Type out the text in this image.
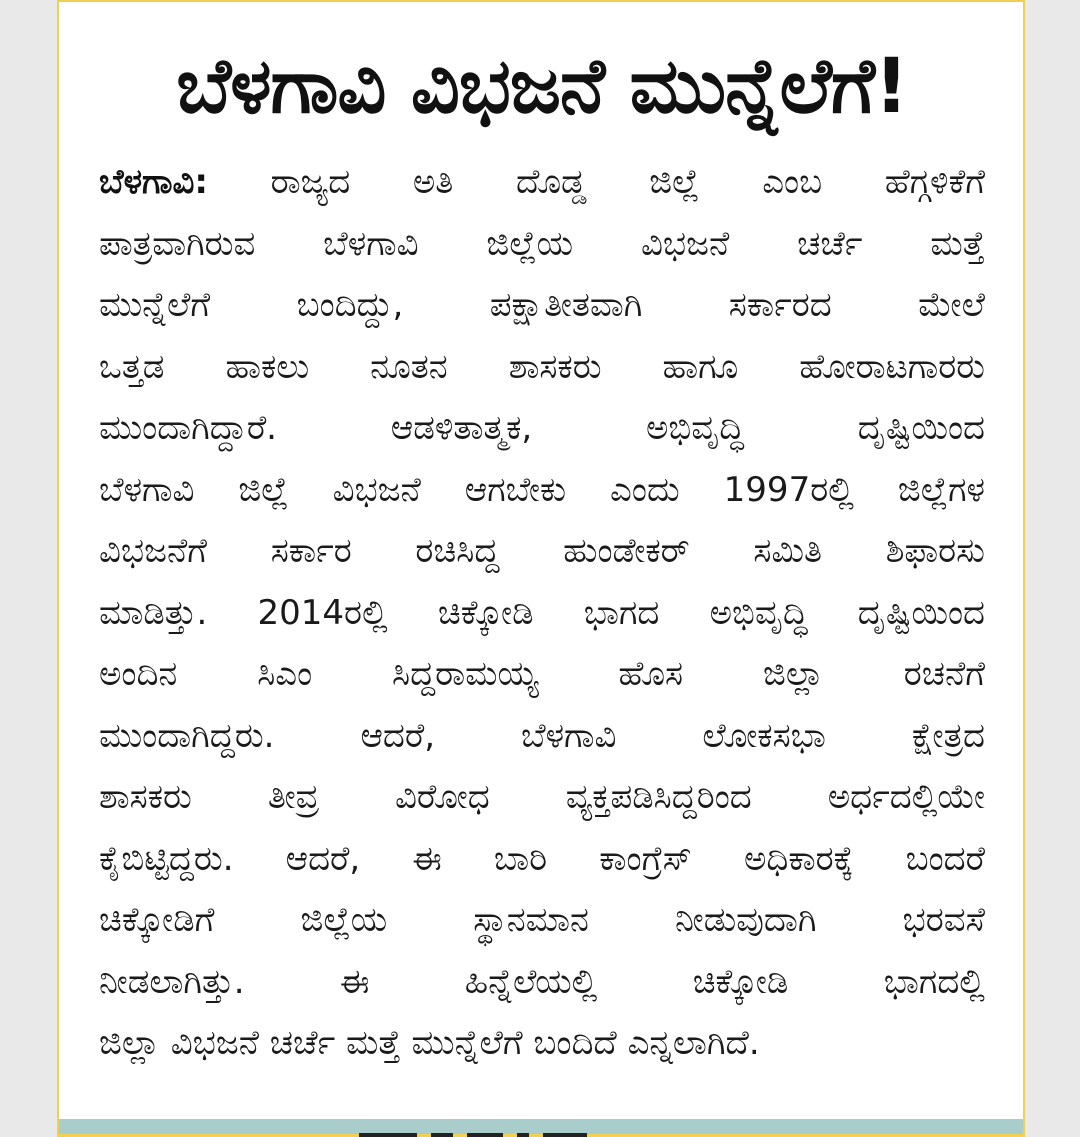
ಬೆಳಗಾವಿ ವಿಭಜನೆ ಮುನ್ನೆಲೆಗೆ!
ಬೆಳಗಾವಿ: ರಾಜ್ಯದ ಅತಿ ದೊಡ್ಡ ಜಿಲ್ಲೆ ಎಂಬ ಹೆಗ್ಗಳಿಕೆಗೆ
ಪಾತ್ರವಾಗಿರುವ ಬೆಳಗಾವಿ ಜಿಲ್ಲೆಯ ವಿಭಜನೆ ಚರ್ಚೆ ಮತ್ತೆ
ಮುನ್ನೆಲೆಗೆ ಬಂದಿದ್ದು, ಪಕ್ಷಾತೀತವಾಗಿ ಸರ್ಕಾರದ ಮೇಲೆ
ಒತ್ತಡ ಹಾಕಲು ನೂತನ ಶಾಸಕರು ಹಾಗೂ ಹೋರಾಟಗಾರರು
ಮುಂದಾಗಿದ್ದಾರೆ. ಆಡಳಿತಾತ್ಮಕ, ಅಭಿವೃದ್ಧಿ ದೃಷ್ಟಿಯಿಂದ
ಬೆಳಗಾವಿ ಜಿಲ್ಲೆ ವಿಭಜನೆ ಆಗಬೇಕು ಎಂದು 1997ರಲ್ಲಿ ಜಿಲ್ಲೆಗಳ
ವಿಭಜನೆಗೆ ಸರ್ಕಾರ ರಚಿಸಿದ್ದ ಹುಂಡೇಕರ್ ಸಮಿತಿ ಶಿಫಾರಸು
ಮಾಡಿತ್ತು. 2014ರಲ್ಲಿ ಚಿಕ್ಕೋಡಿ ಭಾಗದ ಅಭಿವೃದ್ಧಿ ದೃಷ್ಟಿಯಿಂದ
ಅಂದಿನ ಸಿಎಂ ಸಿದ್ದರಾಮಯ್ಯ ಹೊಸ ಜಿಲ್ಲಾ ರಚನೆಗೆ
ಮುಂದಾಗಿದ್ದರು. ಆದರೆ, ಬೆಳಗಾವಿ ಲೋಕಸಭಾ ಕ್ಷೇತ್ರದ
ಶಾಸಕರು ತೀವ್ರ ವಿರೋಧ ವ್ಯಕ್ತಪಡಿಸಿದ್ದರಿಂದ ಅರ್ಧದಲ್ಲಿಯೇ
ಕೈಬಿಟ್ಟಿದ್ದರು. ಆದರೆ, ಈ ಬಾರಿ ಕಾಂಗ್ರೆಸ್ ಅಧಿಕಾರಕ್ಕೆ ಬಂದರೆ
ಚಿಕ್ಕೋಡಿಗೆ ಜಿಲ್ಲೆಯ ಸ್ಥಾನಮಾನ ನೀಡುವುದಾಗಿ ಭರವಸೆ
ನೀಡಲಾಗಿತ್ತು. ಈ ಹಿನ್ನೆಲೆಯಲ್ಲಿ ಚಿಕ್ಕೋಡಿ ಭಾಗದಲ್ಲಿ
ಜಿಲ್ಲಾ ವಿಭಜನೆ ಚರ್ಚೆ ಮತ್ತೆ ಮುನ್ನೆಲೆಗೆ ಬಂದಿದೆ ಎನ್ನಲಾಗಿದೆ.
